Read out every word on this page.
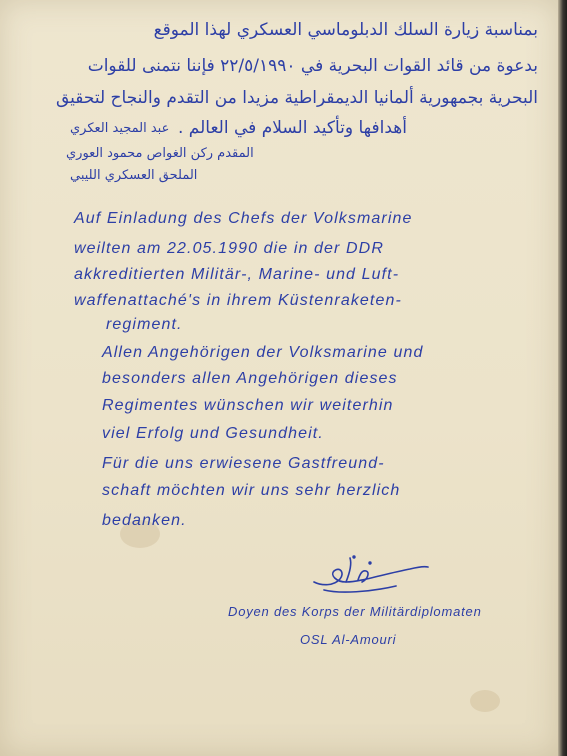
بمناسبة زيارة السلك الدبلوماسي العسكري لهذا الموقع
بدعوة من قائد القوات البحرية في ٢٢/٥/١٩٩٠ فإننا نتمنى للقوات
البحرية بجمهورية ألمانيا الديمقراطية مزيدا من التقدم والنجاح لتحقيق
أهدافها وتأكيد السلام في العالم .
عبد المجيد العكري
المقدم ركن الغواص محمود العوري
الملحق العسكري الليبي
Auf Einladung des Chefs der Volksmarine
weilten am 22.05.1990 die in der DDR
akkreditierten Militär-, Marine- und Luft-
waffenattaché's in ihrem Küstenraketen-
regiment.
Allen Angehörigen der Volksmarine und
besonders allen Angehörigen dieses
Regimentes wünschen wir weiterhin
viel Erfolg und Gesundheit.
Für die uns erwiesene Gastfreund-
schaft möchten wir uns sehr herzlich
bedanken.
Doyen des Korps der Militärdiplomaten
OSL Al-Amouri
